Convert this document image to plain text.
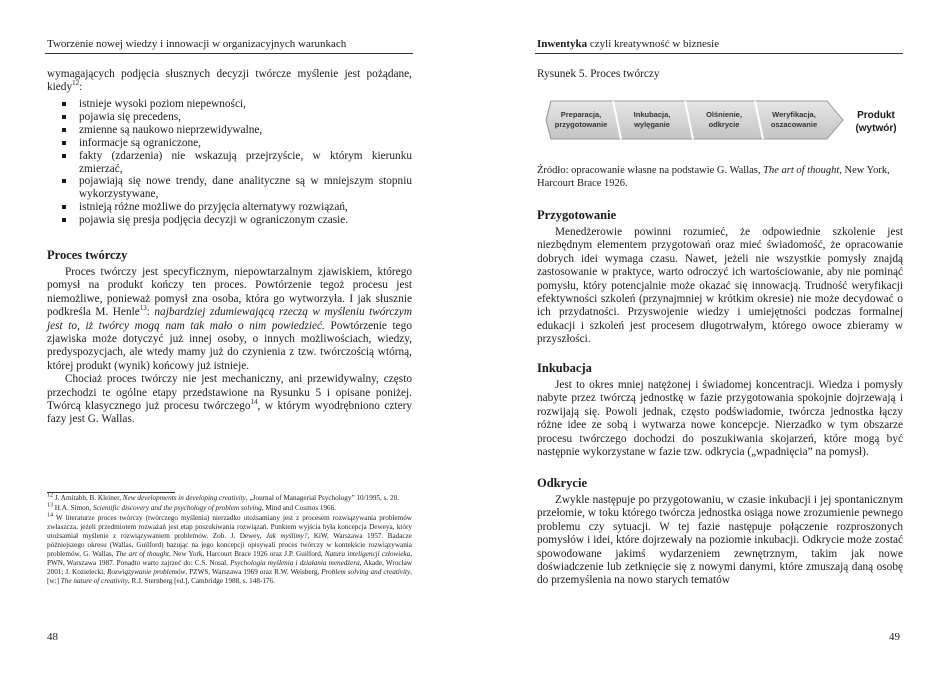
Tworzenie nowej wiedzy i innowacji w organizacyjnych warunkach

wymagających podjęcia słusznych decyzji twórcze myślenie jest pożądane, kiedy$^{12}$:

istnieje wysoki poziom niepewności,
pojawia się precedens,
zmienne są naukowo nieprzewidywalne,
informacje są ograniczone,
fakty (zdarzenia) nie wskazują przejrzyście, w którym kierunku zmierzać,
pojawiają się nowe trendy, dane analityczne są w mniejszym stopniu wykorzystywane,
istnieją różne możliwe do przyjęcia alternatywy rozwiązań,
pojawia się presja podjęcia decyzji w ograniczonym czasie.
Proces twórczy

Proces twórczy jest specyficznym, niepowtarzalnym zjawiskiem, którego pomysł na produkt kończy ten proces. Powtórzenie tegoż procesu jest niemożliwe, ponieważ pomysł zna osoba, która go wytworzyła. I jak słusznie podkreśla M. Henle$^{13}$: najbardziej zdumiewającą rzeczą w myśleniu twórczym jest to, iż twórcy mogą nam tak mało o nim powiedzieć. Powtórzenie tego zjawiska może dotyczyć już innej osoby, o innych możliwościach, wiedzy, predyspozycjach, ale wtedy mamy już do czynienia z tzw. twórczością wtórną, której produkt (wynik) końcowy już istnieje.

Chociaż proces twórczy nie jest mechaniczny, ani przewidywalny, często przechodzi te ogólne etapy przedstawione na Rysunku 5 i opisane poniżej. Twórcą klasycznego już procesu twórczego$^{14}$, w którym wyodrębniono cztery fazy jest G. Wallas.

$^{12}$ J. Amitabh, B. Kleiner, New developments in developing creativity, „Journal of Managerial Psychology” 10/1995, s. 20.

$^{13}$ H.A. Simon, Scientific discovery and the psychology of problem solving, Mind and Cosmos 1966.

$^{14}$ W literaturze proces twórczy (twórczego myślenia) nierzadko utożsamiany jest z procesem rozwiązywania problemów zwłaszcza, jeżeli przedmiotem rozważań jest etap poszukiwania rozwiązań. Punktem wyjścia była koncepcja Deweya, który utożsamiał myślenie z rozwiązywaniem problemów. Zob. J. Dewey, Jak myślimy?, KiW, Warszawa 1957. Badacze późniejszego okresu (Wallas, Guilford) bazując na jego koncepcji opisywali proces twórczy w kontekście rozwiązywania problemów, G. Wallas, The art of thought, New York, Harcourt Brace 1926 oraz J.P. Guilford, Natura inteligencji człowieka, PWN, Warszawa 1987. Ponadto warto zajrzeć do: C.S. Nosal, Psychologia myślenia i działania menedżera, Akade, Wrocław 2001; J. Kozielecki, Rozwiązywanie problemów, PZWS, Warszawa 1969 oraz R.W. Weisberg, Problem solving and creativity, [w:] The nature of creativity, R.J. Sternberg [ed.], Cambridge 1988, s. 148-176.

48
Inwentyka czyli kreatywność w biznesie
Rysunek 5. Proces twórczy
Preparacja, przygotowanie
Inkubacja, wylęganie
Olśnienie, odkrycie
Weryfikacja, oszacowanie
Produkt (wytwór)
Źródło: opracowanie własne na podstawie G. Wallas, The art of thought, New York, Harcourt Brace 1926.
Przygotowanie

Menedżerowie powinni rozumieć, że odpowiednie szkolenie jest niezbędnym elementem przygotowań oraz mieć świadomość, że opracowanie dobrych idei wymaga czasu. Nawet, jeżeli nie wszystkie pomysły znajdą zastosowanie w praktyce, warto odroczyć ich wartościowanie, aby nie pominąć pomysłu, który potencjalnie może okazać się innowacją. Trudność weryfikacji efektywności szkoleń (przynajmniej w krótkim okresie) nie może decydować o ich przydatności. Przyswojenie wiedzy i umiejętności podczas formalnej edukacji i szkoleń jest procesem długotrwałym, którego owoce zbieramy w przyszłości.

Inkubacja

Jest to okres mniej natężonej i świadomej koncentracji. Wiedza i pomysły nabyte przez twórczą jednostkę w fazie przygotowania spokojnie dojrzewają i rozwijają się. Powoli jednak, często podświadomie, twórcza jednostka łączy różne idee ze sobą i wytwarza nowe koncepcje. Nierzadko w tym obszarze procesu twórczego dochodzi do poszukiwania skojarzeń, które mogą być następnie wykorzystane w fazie tzw. odkrycia („wpadnięcia” na pomysł).

Odkrycie

Zwykle następuje po przygotowaniu, w czasie inkubacji i jej spontanicznym przełomie, w toku którego twórcza jednostka osiąga nowe zrozumienie pewnego problemu czy sytuacji. W tej fazie następuje połączenie rozproszonych pomysłów i idei, które dojrzewały na poziomie inkubacji. Odkrycie może zostać spowodowane jakimś wydarzeniem zewnętrznym, takim jak nowe doświadczenie lub zetknięcie się z nowymi danymi, które zmuszają daną osobę do przemyślenia na nowo starych tematów

49
